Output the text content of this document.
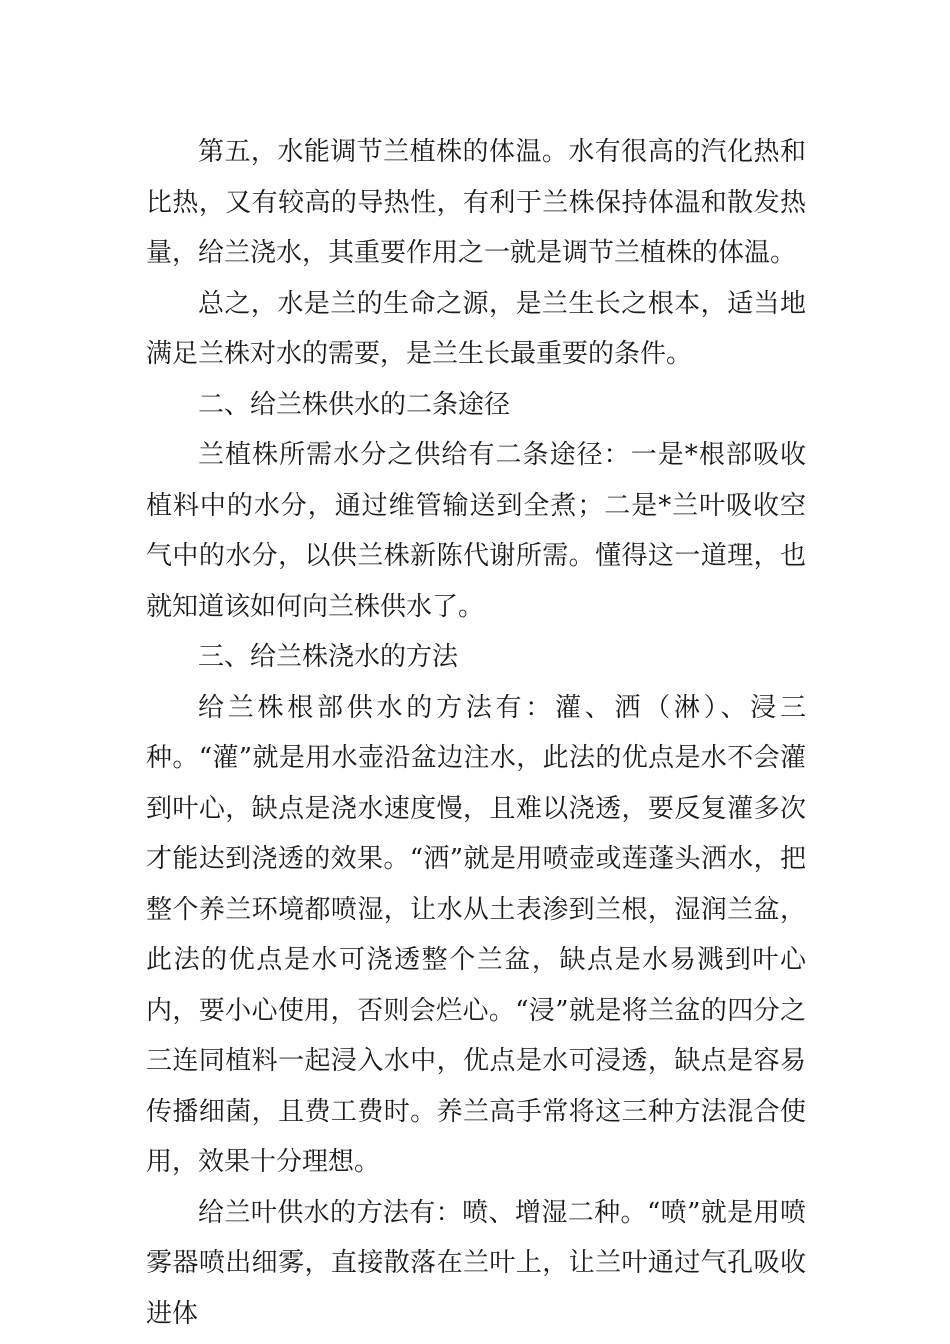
第五，水能调节兰植株的体温。水有很高的汽化热和比热，又有较高的导热性，有利于兰株保持体温和散发热量，给兰浇水，其重要作用之一就是调节兰植株的体温。

总之，水是兰的生命之源，是兰生长之根本，适当地满足兰株对水的需要，是兰生长最重要的条件。

二、给兰株供水的二条途径

兰植株所需水分之供给有二条途径：一是*根部吸收植料中的水分，通过维管输送到全煮；二是*兰叶吸收空气中的水分，以供兰株新陈代谢所需。懂得这一道理，也就知道该如何向兰株供水了。

三、给兰株浇水的方法

给兰株根部供水的方法有：灌、洒（淋）、浸三种。“灌”就是用水壶沿盆边注水，此法的优点是水不会灌到叶心，缺点是浇水速度慢，且难以浇透，要反复灌多次才能达到浇透的效果。“洒”就是用喷壶或莲蓬头洒水，把整个养兰环境都喷湿，让水从土表渗到兰根，湿润兰盆，此法的优点是水可浇透整个兰盆，缺点是水易溅到叶心内，要小心使用，否则会烂心。“浸”就是将兰盆的四分之三连同植料一起浸入水中，优点是水可浸透，缺点是容易传播细菌，且费工费时。养兰高手常将这三种方法混合使用，效果十分理想。

给兰叶供水的方法有：喷、增湿二种。“喷”就是用喷雾器喷出细雾，直接散落在兰叶上，让兰叶通过气孔吸收进体
